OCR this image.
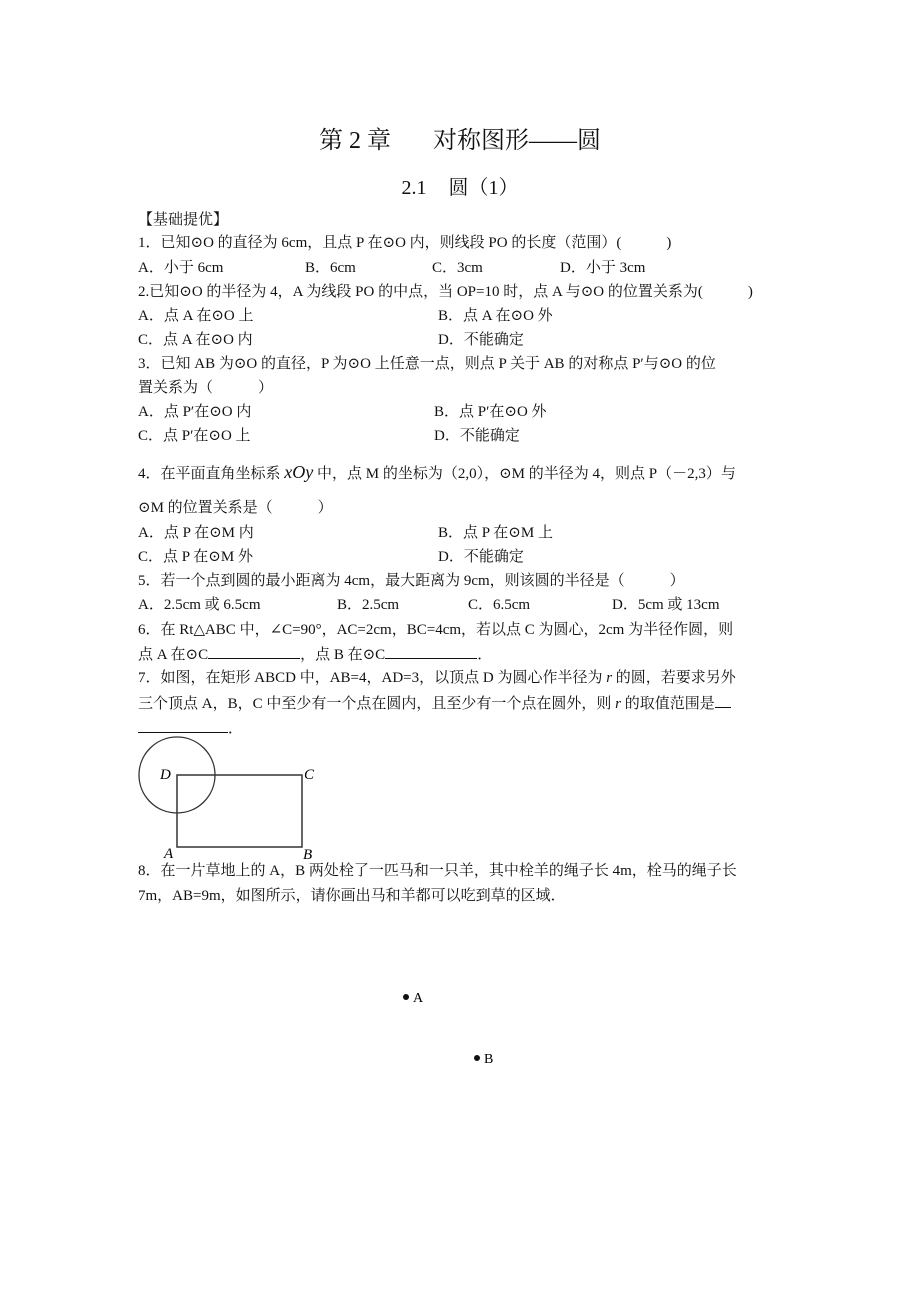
第 2 章 对称图形——圆
2.1 圆（1）
【基础提优】
1．已知⊙O 的直径为 6cm，且点 P 在⊙O 内，则线段 PO 的长度（范围）(　　　)
A．小于 6cm	B．6cm	C．3cm	D．小于 3cm
2.已知⊙O 的半径为 4，A 为线段 PO 的中点，当 OP=10 时，点 A 与⊙O 的位置关系为(　　　)
A．点 A 在⊙O 上	B．点 A 在⊙O 外
C．点 A 在⊙O 内	D．不能确定
3．已知 AB 为⊙O 的直径，P 为⊙O 上任意一点，则点 P 关于 AB 的对称点 P′与⊙O 的位
置关系为（　　　）
A．点 P′在⊙O 内	B．点 P′在⊙O 外
C．点 P′在⊙O 上	D．不能确定
4．在平面直角坐标系 xOy 中，点 M 的坐标为（2,0），⊙M 的半径为 4，则点 P（－2,3）与
⊙M 的位置关系是（　　　）
A．点 P 在⊙M 内	B．点 P 在⊙M 上
C．点 P 在⊙M 外	D．不能确定
5．若一个点到圆的最小距离为 4cm，最大距离为 9cm，则该圆的半径是（　　　）
A．2.5cm 或 6.5cm	B．2.5cm	C．6.5cm	D．5cm 或 13cm
6．在 Rt△ABC 中，∠C=90°，AC=2cm，BC=4cm，若以点 C 为圆心，2cm 为半径作圆，则
点 A 在⊙C	，点 B 在⊙C	．
7．如图，在矩形 ABCD 中，AB=4，AD=3，以顶点 D 为圆心作半径为 r 的圆，若要求另外
三个顶点 A，B，C 中至少有一个点在圆内，且至少有一个点在圆外，则 r 的取值范围是
．
D	C
A	B
8．在一片草地上的 A，B 两处栓了一匹马和一只羊，其中栓羊的绳子长 4m，栓马的绳子长
7m，AB=9m，如图所示，请你画出马和羊都可以吃到草的区域．
A
B
